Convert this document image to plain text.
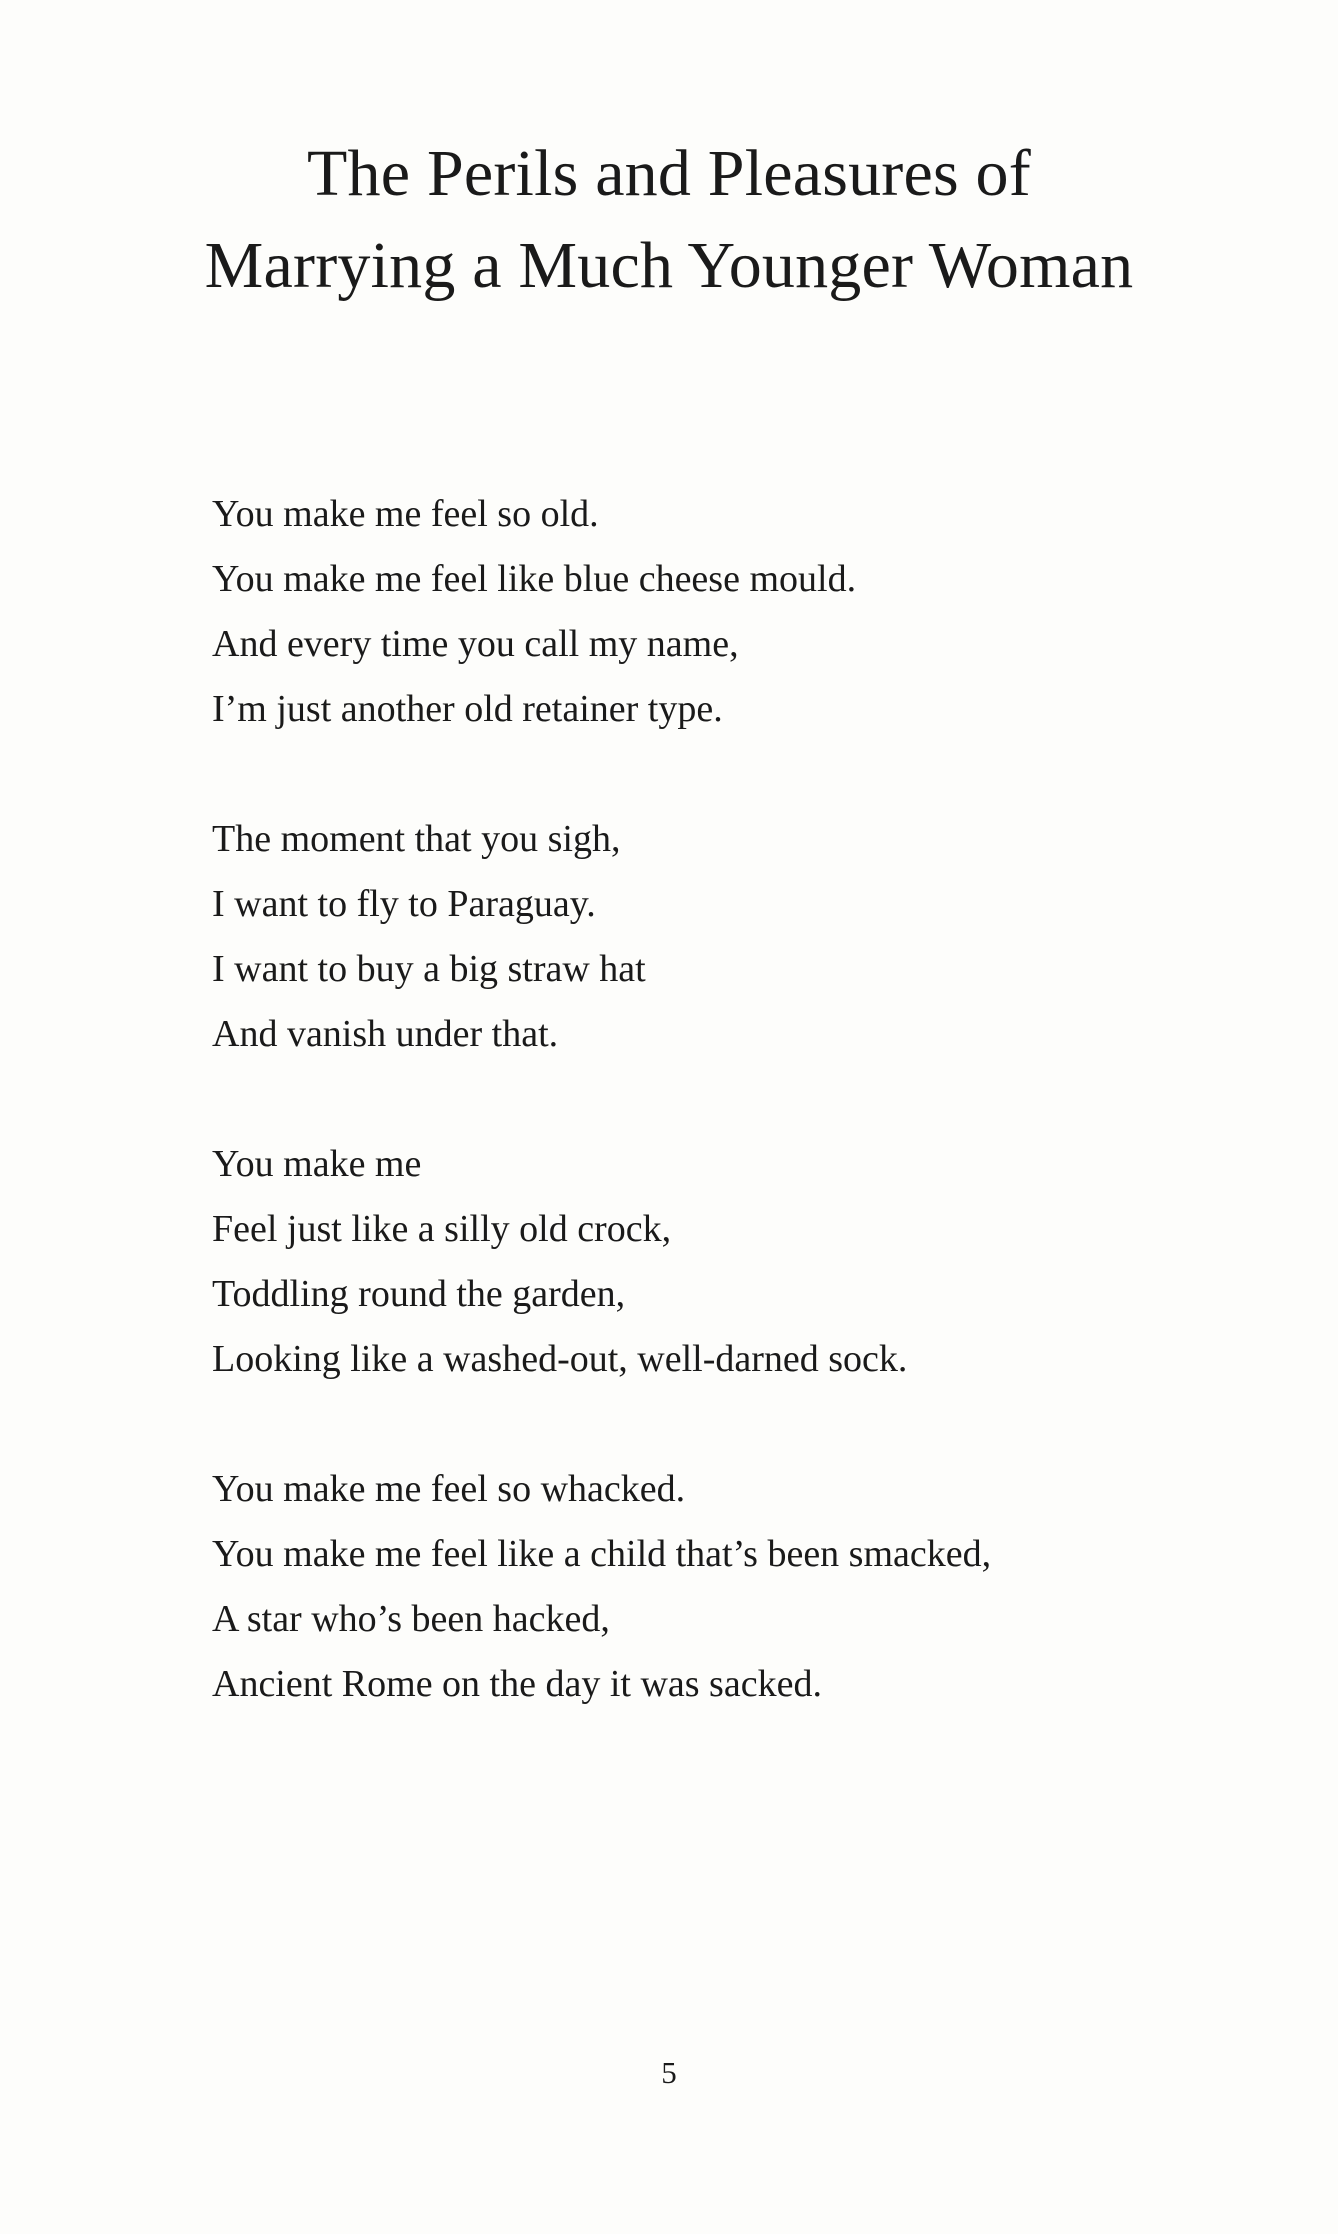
The Perils and Pleasures of
Marrying a Much Younger Woman
You make me feel so old.
You make me feel like blue cheese mould.
And every time you call my name,
I’m just another old retainer type.
The moment that you sigh,
I want to fly to Paraguay.
I want to buy a big straw hat
And vanish under that.
You make me
Feel just like a silly old crock,
Toddling round the garden,
Looking like a washed-out, well-darned sock.
You make me feel so whacked.
You make me feel like a child that’s been smacked,
A star who’s been hacked,
Ancient Rome on the day it was sacked.
5
